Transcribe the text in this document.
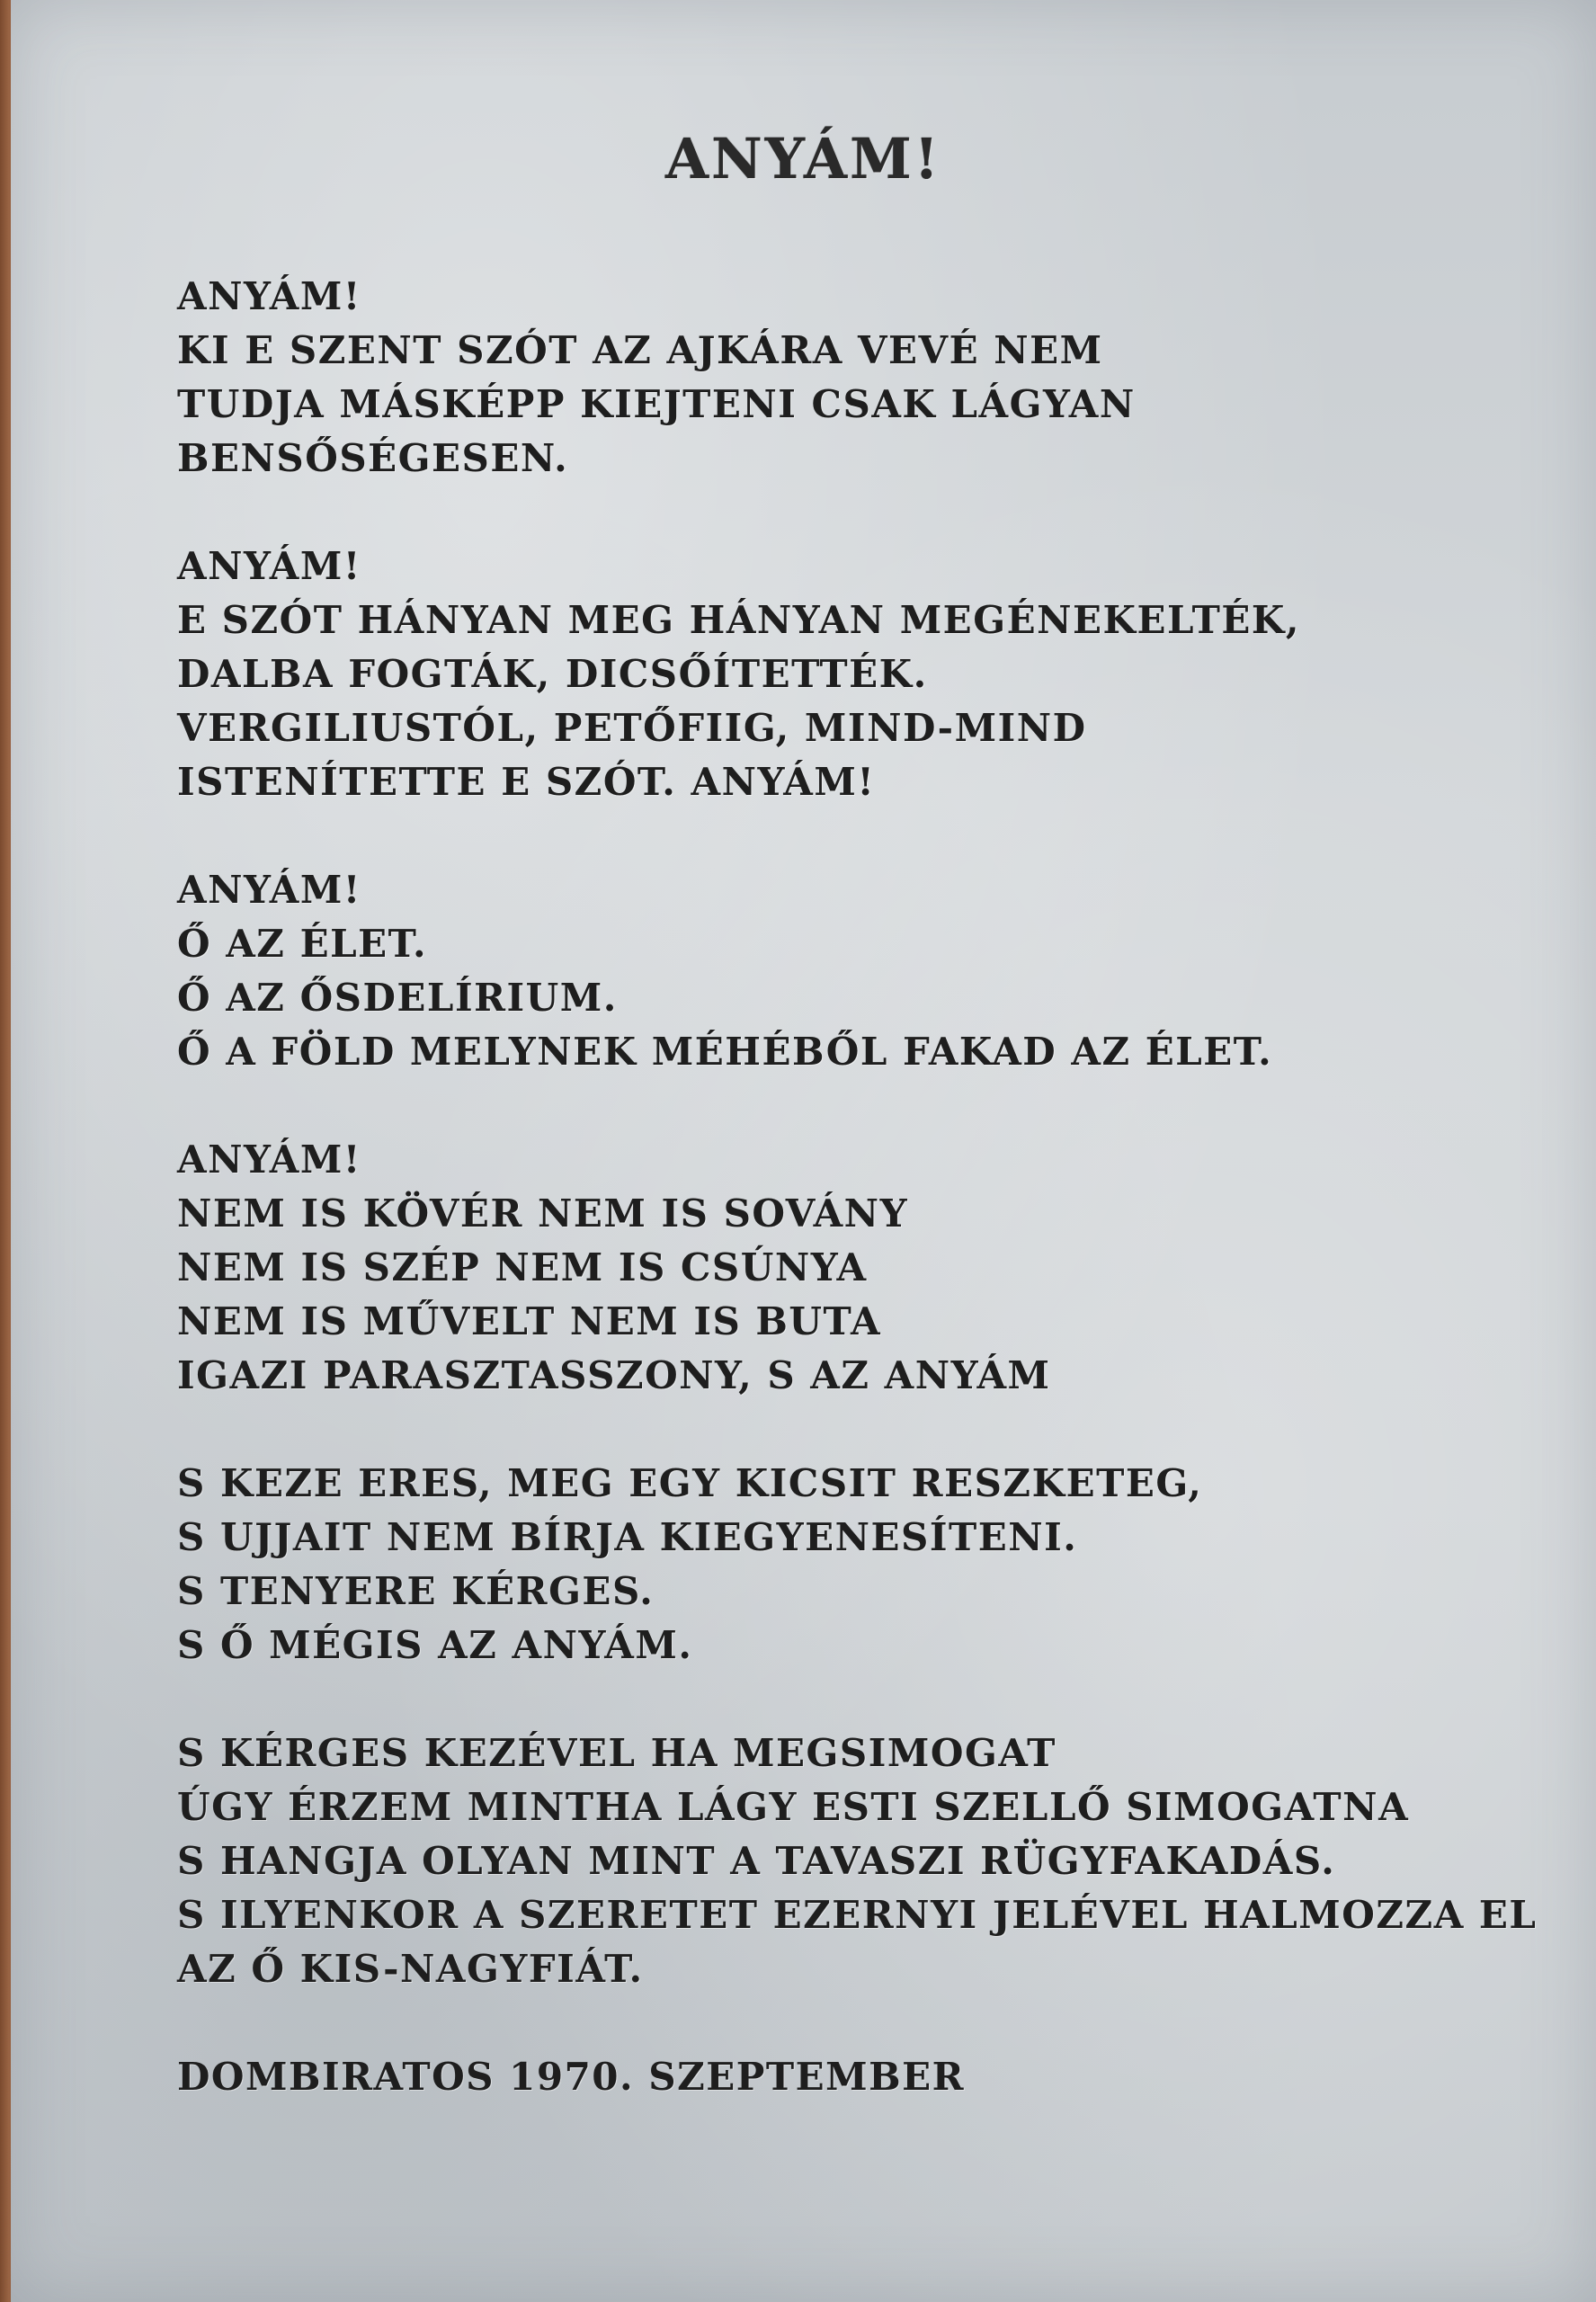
ANYÁM!
ANYÁM!
KI E SZENT SZÓT AZ AJKÁRA VEVÉ NEM
TUDJA MÁSKÉPP KIEJTENI CSAK LÁGYAN
BENSŐSÉGESEN.
ANYÁM!
E SZÓT HÁNYAN MEG HÁNYAN MEGÉNEKELTÉK,
DALBA FOGTÁK, DICSŐÍTETTÉK.
VERGILIUSTÓL, PETŐFIIG, MIND-MIND
ISTENÍTETTE E SZÓT. ANYÁM!
ANYÁM!
Ő AZ ÉLET.
Ő AZ ŐSDELÍRIUM.
Ő A FÖLD MELYNEK MÉHÉBŐL FAKAD AZ ÉLET.
ANYÁM!
NEM IS KÖVÉR NEM IS SOVÁNY
NEM IS SZÉP NEM IS CSÚNYA
NEM IS MŰVELT NEM IS BUTA
IGAZI PARASZTASSZONY, S AZ ANYÁM
S KEZE ERES, MEG EGY KICSIT RESZKETEG,
S UJJAIT NEM BÍRJA KIEGYENESÍTENI.
S TENYERE KÉRGES.
S Ő MÉGIS AZ ANYÁM.
S KÉRGES KEZÉVEL HA MEGSIMOGAT
ÚGY ÉRZEM MINTHA LÁGY ESTI SZELLŐ SIMOGATNA
S HANGJA OLYAN MINT A TAVASZI RÜGYFAKADÁS.
S ILYENKOR A SZERETET EZERNYI JELÉVEL HALMOZZA EL
AZ Ő KIS-NAGYFIÁT.
DOMBIRATOS 1970. SZEPTEMBER
